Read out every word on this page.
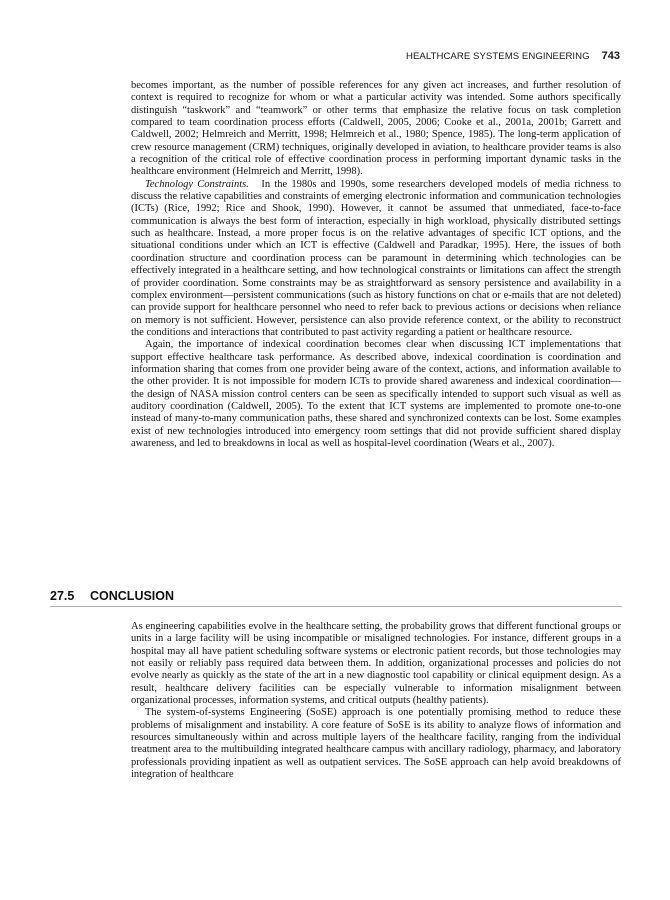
HEALTHCARE SYSTEMS ENGINEERING 743

becomes important, as the number of possible references for any given act increases, and further resolution of context is required to recognize for whom or what a particular activity was intended. Some authors specifically distinguish “taskwork” and “teamwork” or other terms that emphasize the relative focus on task completion compared to team coordination process efforts (Caldwell, 2005, 2006; Cooke et al., 2001a, 2001b; Garrett and Caldwell, 2002; Helmreich and Merritt, 1998; Helmreich et al., 1980; Spence, 1985). The long-term application of crew resource management (CRM) techniques, originally developed in aviation, to healthcare provider teams is also a recognition of the critical role of effective coordination process in performing important dynamic tasks in the healthcare environment (Helmreich and Merritt, 1998).

Technology Constraints. In the 1980s and 1990s, some researchers developed models of media richness to discuss the relative capabilities and constraints of emerging electronic information and communication technologies (ICTs) (Rice, 1992; Rice and Shook, 1990). However, it cannot be assumed that unmediated, face-to-face communication is always the best form of interaction, especially in high workload, physically distributed settings such as healthcare. Instead, a more proper focus is on the relative advantages of specific ICT options, and the situational conditions under which an ICT is effective (Caldwell and Paradkar, 1995). Here, the issues of both coordination structure and coordination process can be paramount in determining which technologies can be effectively integrated in a healthcare setting, and how technological constraints or limitations can affect the strength of provider coordination. Some constraints may be as straightforward as sensory persistence and availability in a complex environment—persistent communications (such as history functions on chat or e-mails that are not deleted) can provide support for healthcare personnel who need to refer back to previous actions or decisions when reliance on memory is not sufficient. However, persistence can also provide reference context, or the ability to reconstruct the conditions and interactions that contributed to past activity regarding a patient or healthcare resource.

Again, the importance of indexical coordination becomes clear when discussing ICT implementations that support effective healthcare task performance. As described above, indexical coordination is coordination and information sharing that comes from one provider being aware of the context, actions, and information available to the other provider. It is not impossible for modern ICTs to provide shared awareness and indexical coordination—the design of NASA mission control centers can be seen as specifically intended to support such visual as well as auditory coordination (Caldwell, 2005). To the extent that ICT systems are implemented to promote one-to-one instead of many-to-many communication paths, these shared and synchronized contexts can be lost. Some examples exist of new technologies introduced into emergency room settings that did not provide sufficient shared display awareness, and led to breakdowns in local as well as hospital-level coordination (Wears et al., 2007).

27.5 CONCLUSION

As engineering capabilities evolve in the healthcare setting, the probability grows that different functional groups or units in a large facility will be using incompatible or misaligned technologies. For instance, different groups in a hospital may all have patient scheduling software systems or electronic patient records, but those technologies may not easily or reliably pass required data between them. In addition, organizational processes and policies do not evolve nearly as quickly as the state of the art in a new diagnostic tool capability or clinical equipment design. As a result, healthcare delivery facilities can be especially vulnerable to information misalignment between organizational processes, information systems, and critical outputs (healthy patients).

The system-of-systems Engineering (SoSE) approach is one potentially promising method to reduce these problems of misalignment and instability. A core feature of SoSE is its ability to analyze flows of information and resources simultaneously within and across multiple layers of the healthcare facility, ranging from the individual treatment area to the multibuilding integrated healthcare campus with ancillary radiology, pharmacy, and laboratory professionals providing inpatient as well as outpatient services. The SoSE approach can help avoid breakdowns of integration of healthcare
